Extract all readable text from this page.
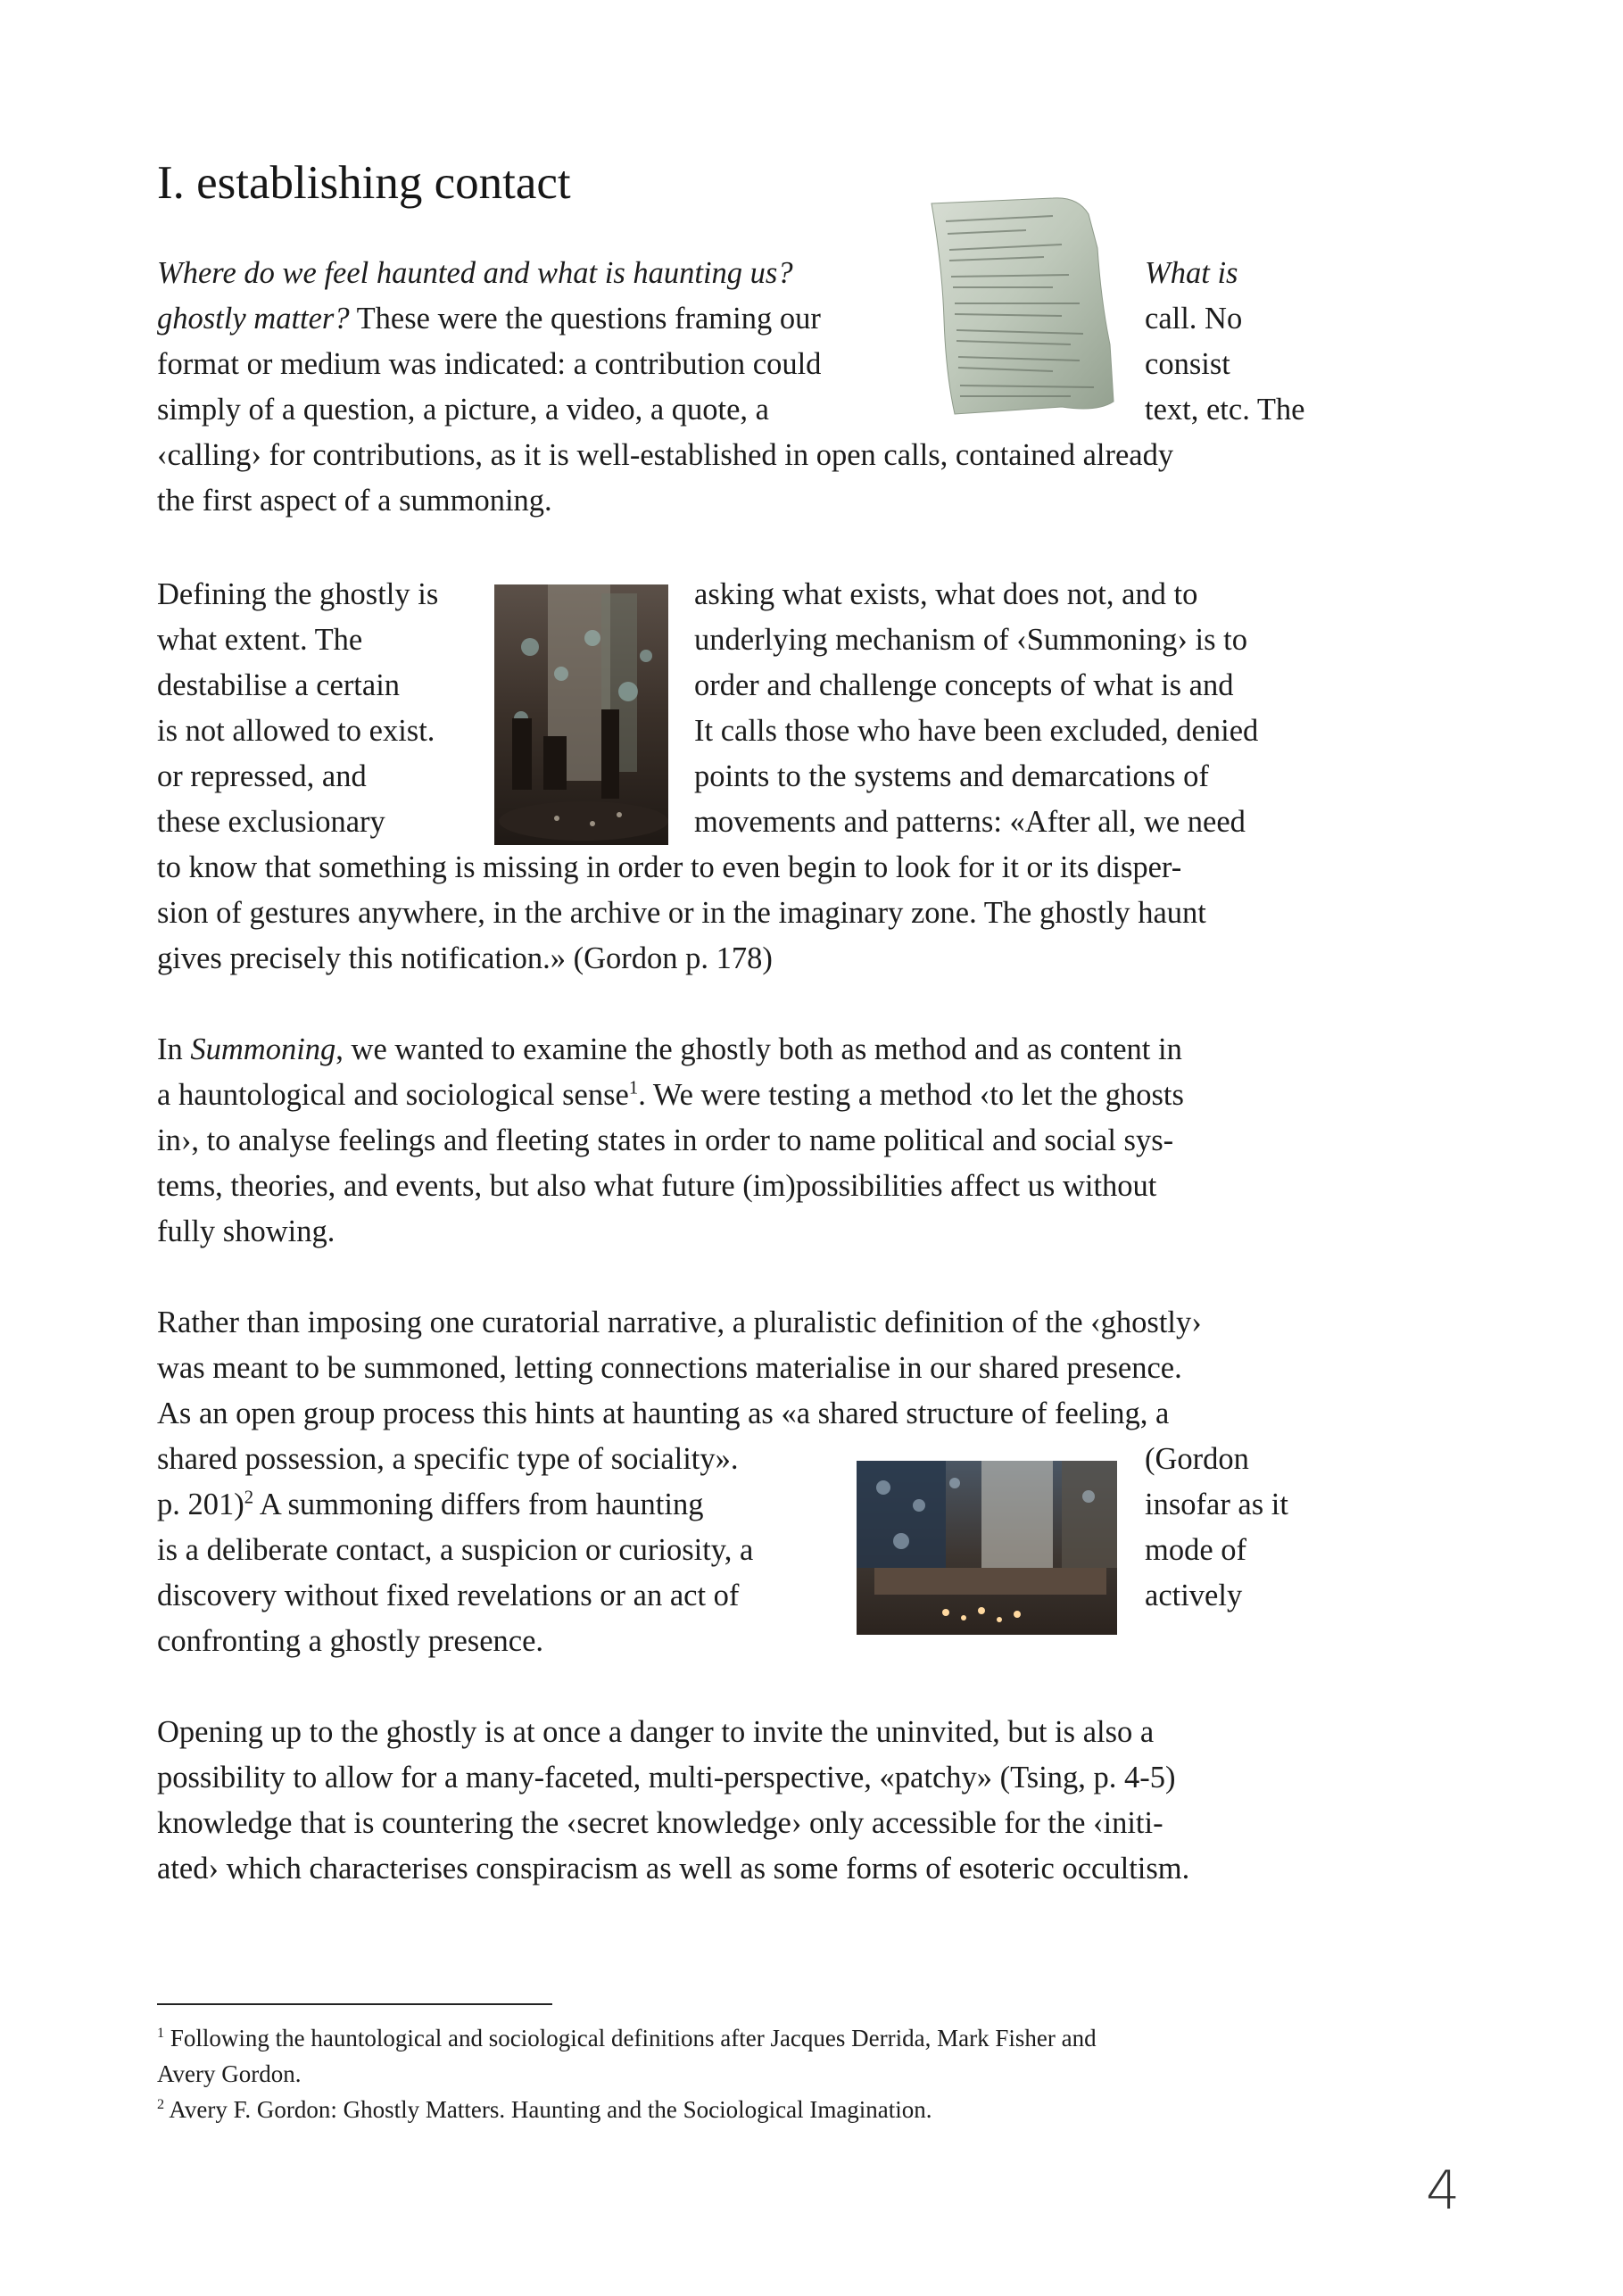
I. establishing contact
Where do we feel haunted and what is haunting us?	What is
ghostly matter? These were the questions framing our	call. No
format or medium was indicated: a contribution could	consist
simply of a question, a picture, a video, a quote, a	text, etc. The
‹calling› for contributions, as it is well-established in open calls, contained already
the first aspect of a summoning.
Defining the ghostly is	asking what exists, what does not, and to
what extent. The	underlying mechanism of ‹Summoning› is to
destabilise a certain	order and challenge concepts of what is and
is not allowed to exist.	It calls those who have been excluded, denied
or repressed, and	points to the systems and demarcations of
these exclusionary	movements and patterns: «After all, we need
to know that something is missing in order to even begin to look for it or its disper-
sion of gestures anywhere, in the archive or in the imaginary zone. The ghostly haunt
gives precisely this notification.» (Gordon p. 178)
In Summoning, we wanted to examine the ghostly both as method and as content in
a hauntological and sociological sense$^1$. We were testing a method ‹to let the ghosts
in›, to analyse feelings and fleeting states in order to name political and social sys-
tems, theories, and events, but also what future (im)possibilities affect us without
fully showing.
Rather than imposing one curatorial narrative, a pluralistic definition of the ‹ghostly›
was meant to be summoned, letting connections materialise in our shared presence.
As an open group process this hints at haunting as «a shared structure of feeling, a
shared possession, a specific type of sociality».	(Gordon
p. 201)$^2$ A summoning differs from haunting	insofar as it
is a deliberate contact, a suspicion or curiosity, a	mode of
discovery without fixed revelations or an act of	actively
confronting a ghostly presence.
Opening up to the ghostly is at once a danger to invite the uninvited, but is also a
possibility to allow for a many-faceted, multi-perspective, «patchy» (Tsing, p. 4-5)
knowledge that is countering the ‹secret knowledge› only accessible for the ‹initi-
ated› which characterises conspiracism as well as some forms of esoteric occultism.
$^1$ Following the hauntological and sociological definitions after Jacques Derrida, Mark Fisher and
Avery Gordon.
$^2$ Avery F. Gordon: Ghostly Matters. Haunting and the Sociological Imagination.
4
